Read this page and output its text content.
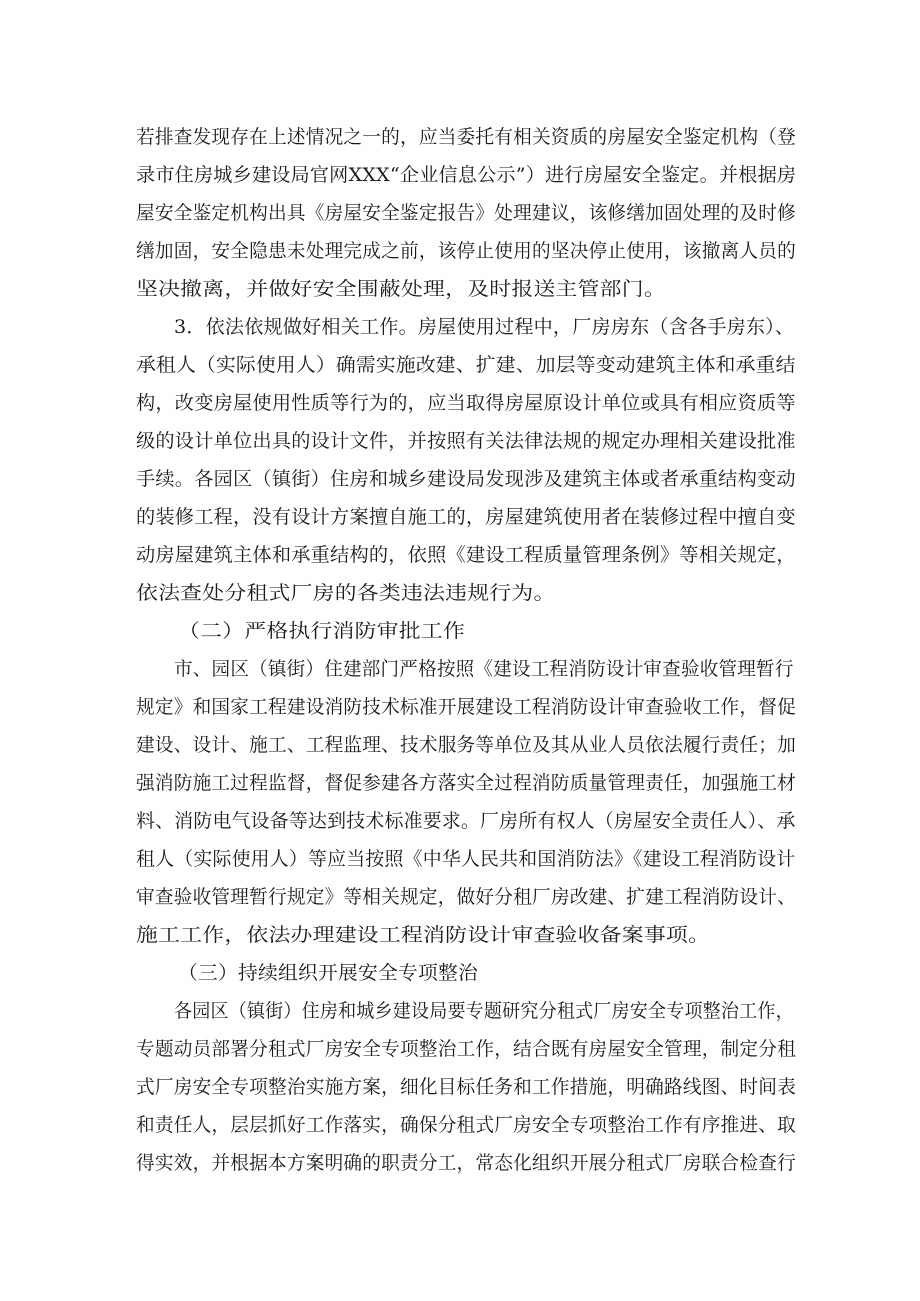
若排查发现存在上述情况之一的，应当委托有相关资质的房屋安全鉴定机构（登
录市住房城乡建设局官网XXX“企业信息公示”）进行房屋安全鉴定。并根据房
屋安全鉴定机构出具《房屋安全鉴定报告》处理建议，该修缮加固处理的及时修
缮加固，安全隐患未处理完成之前，该停止使用的坚决停止使用，该撤离人员的
坚决撤离，并做好安全围蔽处理，及时报送主管部门。
3．依法依规做好相关工作。房屋使用过程中，厂房房东（含各手房东）、
承租人（实际使用人）确需实施改建、扩建、加层等变动建筑主体和承重结
构，改变房屋使用性质等行为的，应当取得房屋原设计单位或具有相应资质等
级的设计单位出具的设计文件，并按照有关法律法规的规定办理相关建设批准
手续。各园区（镇街）住房和城乡建设局发现涉及建筑主体或者承重结构变动
的装修工程，没有设计方案擅自施工的，房屋建筑使用者在装修过程中擅自变
动房屋建筑主体和承重结构的，依照《建设工程质量管理条例》等相关规定，
依法查处分租式厂房的各类违法违规行为。
（二）严格执行消防审批工作
市、园区（镇街）住建部门严格按照《建设工程消防设计审查验收管理暂行
规定》和国家工程建设消防技术标准开展建设工程消防设计审查验收工作，督促
建设、设计、施工、工程监理、技术服务等单位及其从业人员依法履行责任；加
强消防施工过程监督，督促参建各方落实全过程消防质量管理责任，加强施工材
料、消防电气设备等达到技术标准要求。厂房所有权人（房屋安全责任人）、承
租人（实际使用人）等应当按照《中华人民共和国消防法》《建设工程消防设计
审查验收管理暂行规定》等相关规定，做好分租厂房改建、扩建工程消防设计、
施工工作，依法办理建设工程消防设计审查验收备案事项。
（三）持续组织开展安全专项整治
各园区（镇街）住房和城乡建设局要专题研究分租式厂房安全专项整治工作，
专题动员部署分租式厂房安全专项整治工作，结合既有房屋安全管理，制定分租
式厂房安全专项整治实施方案，细化目标任务和工作措施，明确路线图、时间表
和责任人，层层抓好工作落实，确保分租式厂房安全专项整治工作有序推进、取
得实效，并根据本方案明确的职责分工，常态化组织开展分租式厂房联合检查行
